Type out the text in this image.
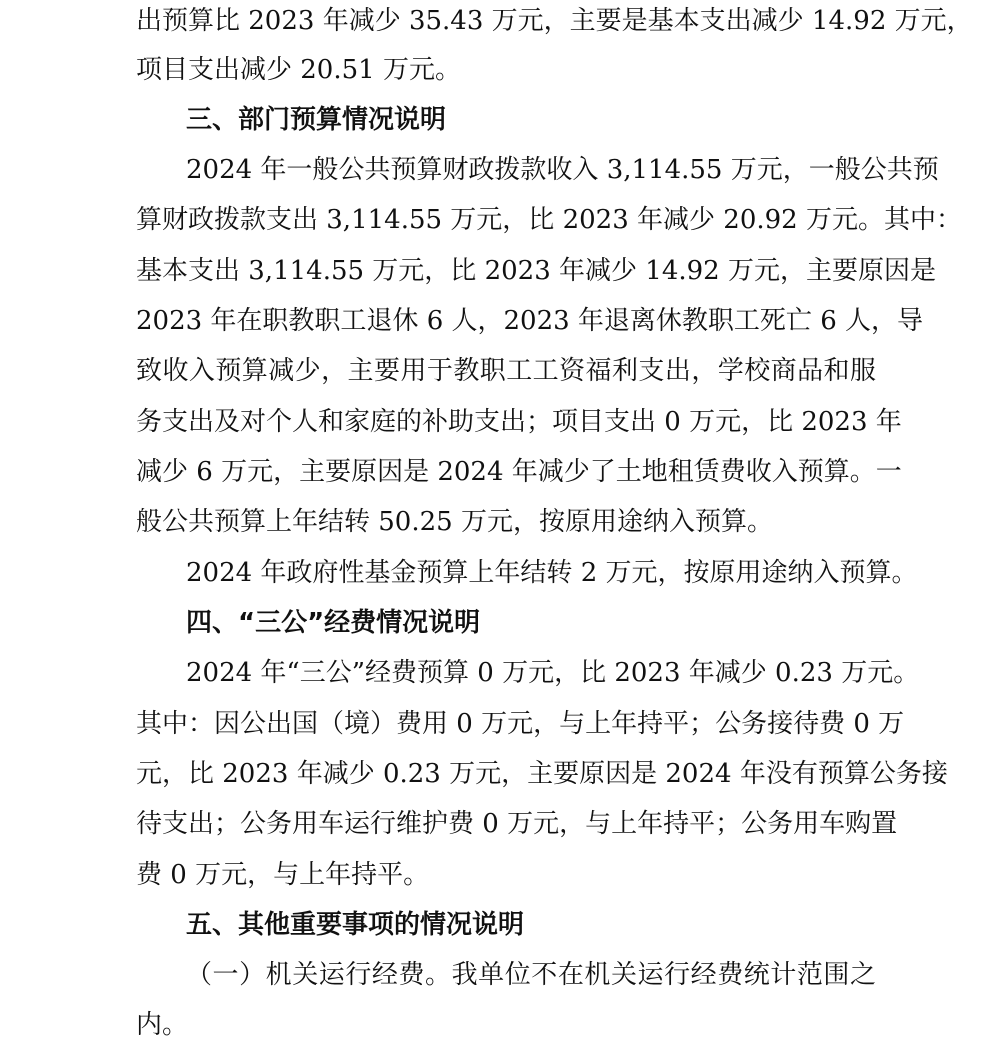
出预算比 2023 年减少 35.43 万元，主要是基本支出减少 14.92 万元，
项目支出减少 20.51 万元。
三、部门预算情况说明
2024 年一般公共预算财政拨款收入 3,114.55 万元，一般公共预
算财政拨款支出 3,114.55 万元，比 2023 年减少 20.92 万元。其中：
基本支出 3,114.55 万元，比 2023 年减少 14.92 万元，主要原因是
2023 年在职教职工退休 6 人，2023 年退离休教职工死亡 6 人，导
致收入预算减少，主要用于教职工工资福利支出，学校商品和服
务支出及对个人和家庭的补助支出；项目支出 0 万元，比 2023 年
减少 6 万元，主要原因是 2024 年减少了土地租赁费收入预算。一
般公共预算上年结转 50.25 万元，按原用途纳入预算。
2024 年政府性基金预算上年结转 2 万元，按原用途纳入预算。
四、“三公”经费情况说明
2024 年“三公”经费预算 0 万元，比 2023 年减少 0.23 万元。
其中：因公出国（境）费用 0 万元，与上年持平；公务接待费 0 万
元，比 2023 年减少 0.23 万元，主要原因是 2024 年没有预算公务接
待支出；公务用车运行维护费 0 万元，与上年持平；公务用车购置
费 0 万元，与上年持平。
五、其他重要事项的情况说明
（一）机关运行经费。我单位不在机关运行经费统计范围之
内。
